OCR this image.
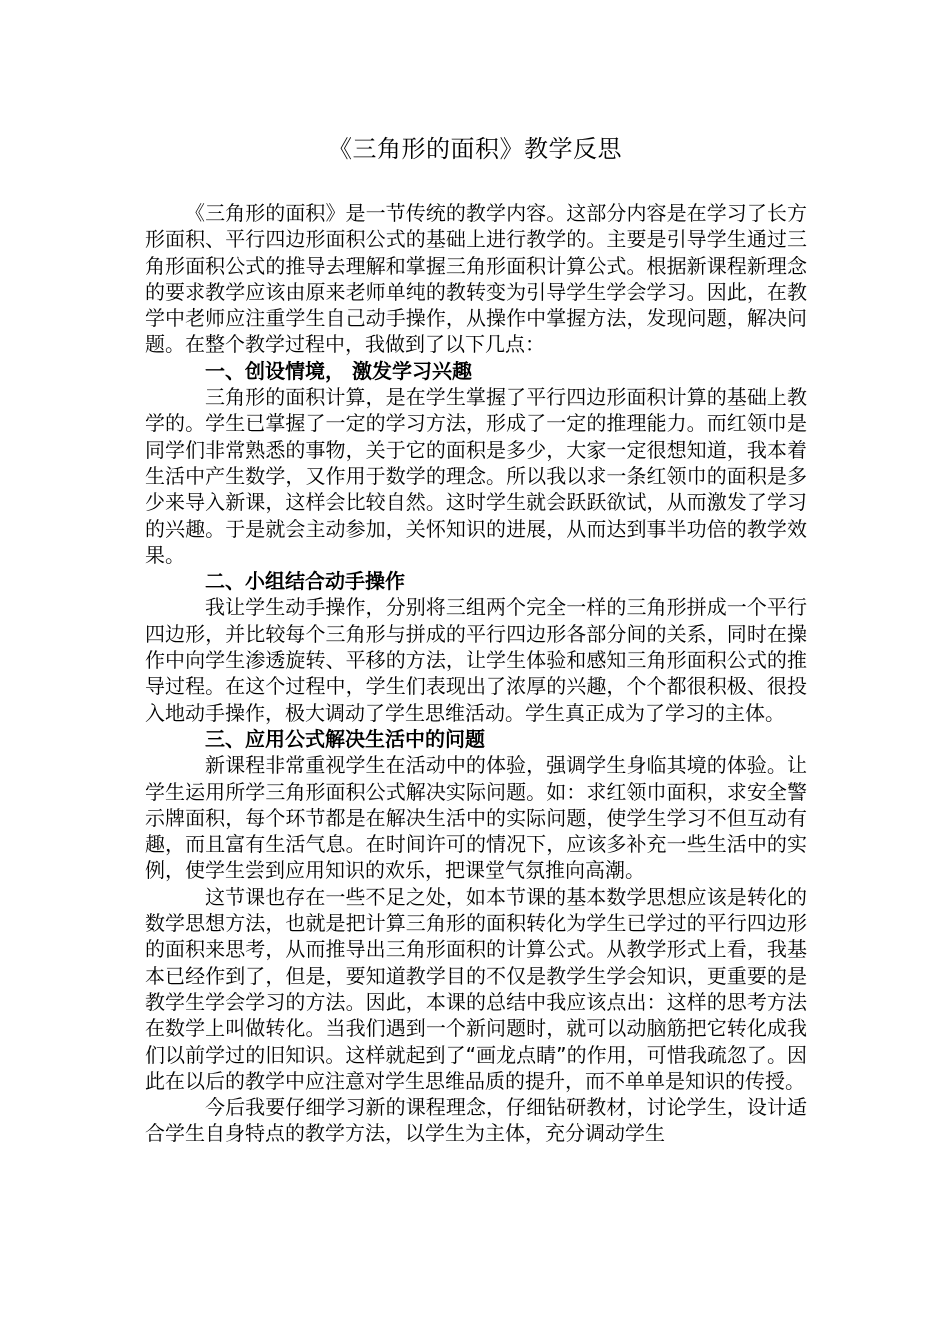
《三角形的面积》教学反思

《三角形的面积》是一节传统的教学内容。这部分内容是在学习了长方形面积、平行四边形面积公式的基础上进行教学的。主要是引导学生通过三角形面积公式的推导去理解和掌握三角形面积计算公式。根据新课程新理念的要求教学应该由原来老师单纯的教转变为引导学生学会学习。因此，在教学中老师应注重学生自己动手操作，从操作中掌握方法，发现问题，解决问题。在整个教学过程中，我做到了以下几点：

一、创设情境， 激发学习兴趣

三角形的面积计算，是在学生掌握了平行四边形面积计算的基础上教学的。学生已掌握了一定的学习方法，形成了一定的推理能力。而红领巾是同学们非常熟悉的事物，关于它的面积是多少，大家一定很想知道，我本着生活中产生数学，又作用于数学的理念。所以我以求一条红领巾的面积是多少来导入新课，这样会比较自然。这时学生就会跃跃欲试，从而激发了学习的兴趣。于是就会主动参加，关怀知识的进展，从而达到事半功倍的教学效果。

二、小组结合动手操作

我让学生动手操作，分别将三组两个完全一样的三角形拼成一个平行四边形，并比较每个三角形与拼成的平行四边形各部分间的关系，同时在操作中向学生渗透旋转、平移的方法，让学生体验和感知三角形面积公式的推导过程。在这个过程中，学生们表现出了浓厚的兴趣，个个都很积极、很投入地动手操作，极大调动了学生思维活动。学生真正成为了学习的主体。

三、应用公式解决生活中的问题

新课程非常重视学生在活动中的体验，强调学生身临其境的体验。让学生运用所学三角形面积公式解决实际问题。如：求红领巾面积，求安全警示牌面积，每个环节都是在解决生活中的实际问题，使学生学习不但互动有趣，而且富有生活气息。在时间许可的情况下，应该多补充一些生活中的实例，使学生尝到应用知识的欢乐，把课堂气氛推向高潮。

这节课也存在一些不足之处，如本节课的基本数学思想应该是转化的数学思想方法，也就是把计算三角形的面积转化为学生已学过的平行四边形的面积来思考，从而推导出三角形面积的计算公式。从教学形式上看，我基本已经作到了，但是，要知道教学目的不仅是教学生学会知识，更重要的是教学生学会学习的方法。因此，本课的总结中我应该点出：这样的思考方法在数学上叫做转化。当我们遇到一个新问题时，就可以动脑筋把它转化成我们以前学过的旧知识。这样就起到了“画龙点睛”的作用，可惜我疏忽了。因此在以后的教学中应注意对学生思维品质的提升，而不单单是知识的传授。

今后我要仔细学习新的课程理念，仔细钻研教材，讨论学生，设计适合学生自身特点的教学方法，以学生为主体，充分调动学生
